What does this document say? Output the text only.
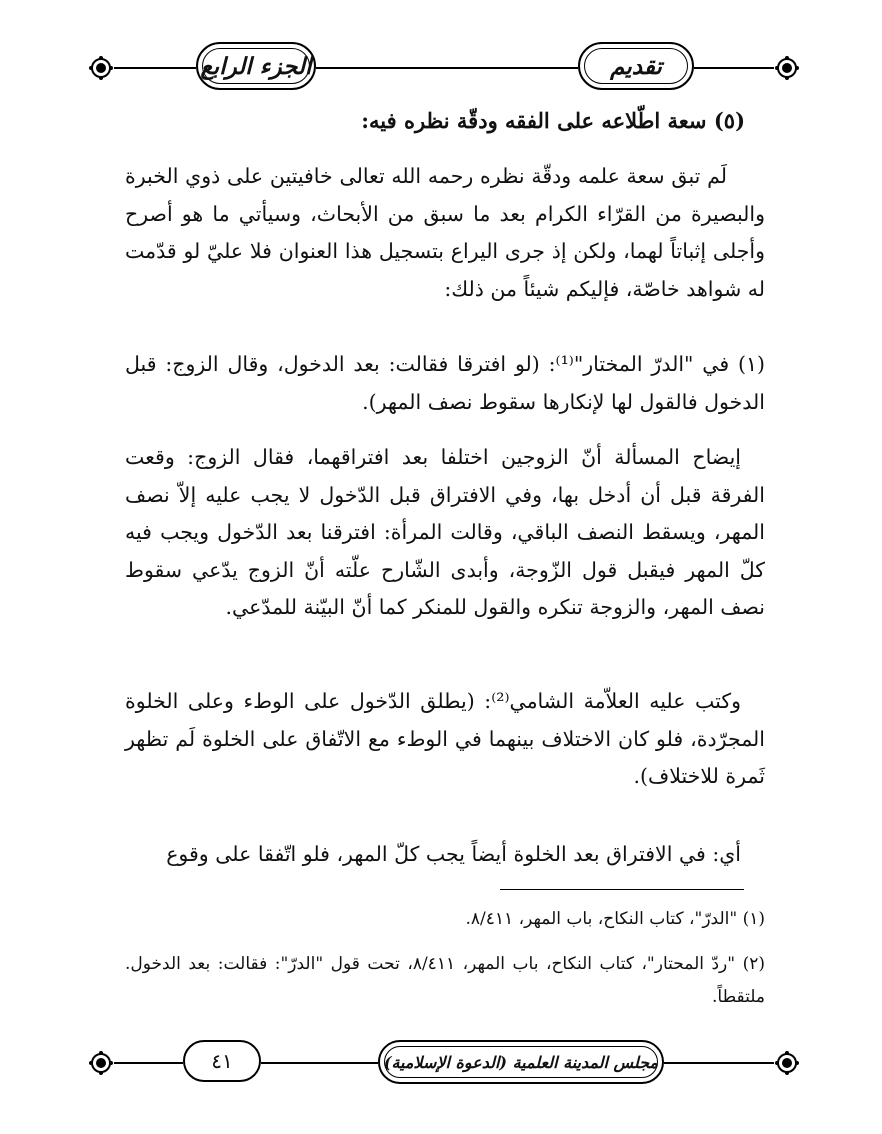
الجزء الرابع	تقديم
(٥) سعة اطّلاعه على الفقه ودقّة نظره فيه:
لَم تبق سعة علمه ودقّة نظره رحمه الله تعالى خافيتين على ذوي الخبرة والبصيرة من القرّاء الكرام بعد ما سبق من الأبحاث، وسيأتي ما هو أصرح وأجلى إثباتاً لهما، ولكن إذ جرى اليراع بتسجيل هذا العنوان فلا عليّ لو قدّمت له شواهد خاصّة، فإليكم شيئاً من ذلك:
(١) في "الدرّ المختار"⁽¹⁾: (لو افترقا فقالت: بعد الدخول، وقال الزوج: قبل الدخول فالقول لها لإنكارها سقوط نصف المهر).
إيضاح المسألة أنّ الزوجين اختلفا بعد افتراقهما، فقال الزوج: وقعت الفرقة قبل أن أدخل بها، وفي الافتراق قبل الدّخول لا يجب عليه إلاّ نصف المهر، ويسقط النصف الباقي، وقالت المرأة: افترقنا بعد الدّخول ويجب فيه كلّ المهر فيقبل قول الزّوجة، وأبدى الشّارح علّته أنّ الزوج يدّعي سقوط نصف المهر، والزوجة تنكره والقول للمنكر كما أنّ البيّنة للمدّعي.
وكتب عليه العلاّمة الشامي⁽²⁾: (يطلق الدّخول على الوطء وعلى الخلوة المجرّدة، فلو كان الاختلاف بينهما في الوطء مع الاتّفاق على الخلوة لَم تظهر ثَمرة للاختلاف).
أي: في الافتراق بعد الخلوة أيضاً يجب كلّ المهر، فلو اتّفقا على وقوع
(١) "الدرّ"، كتاب النكاح، باب المهر، ٨/٤١١.
(٢) "ردّ المحتار"، كتاب النكاح، باب المهر، ٨/٤١١، تحت قول "الدرّ": فقالت: بعد الدخول. ملتقطاً.
٤١	مجلس المدينة العلمية (الدعوة الإسلامية)
